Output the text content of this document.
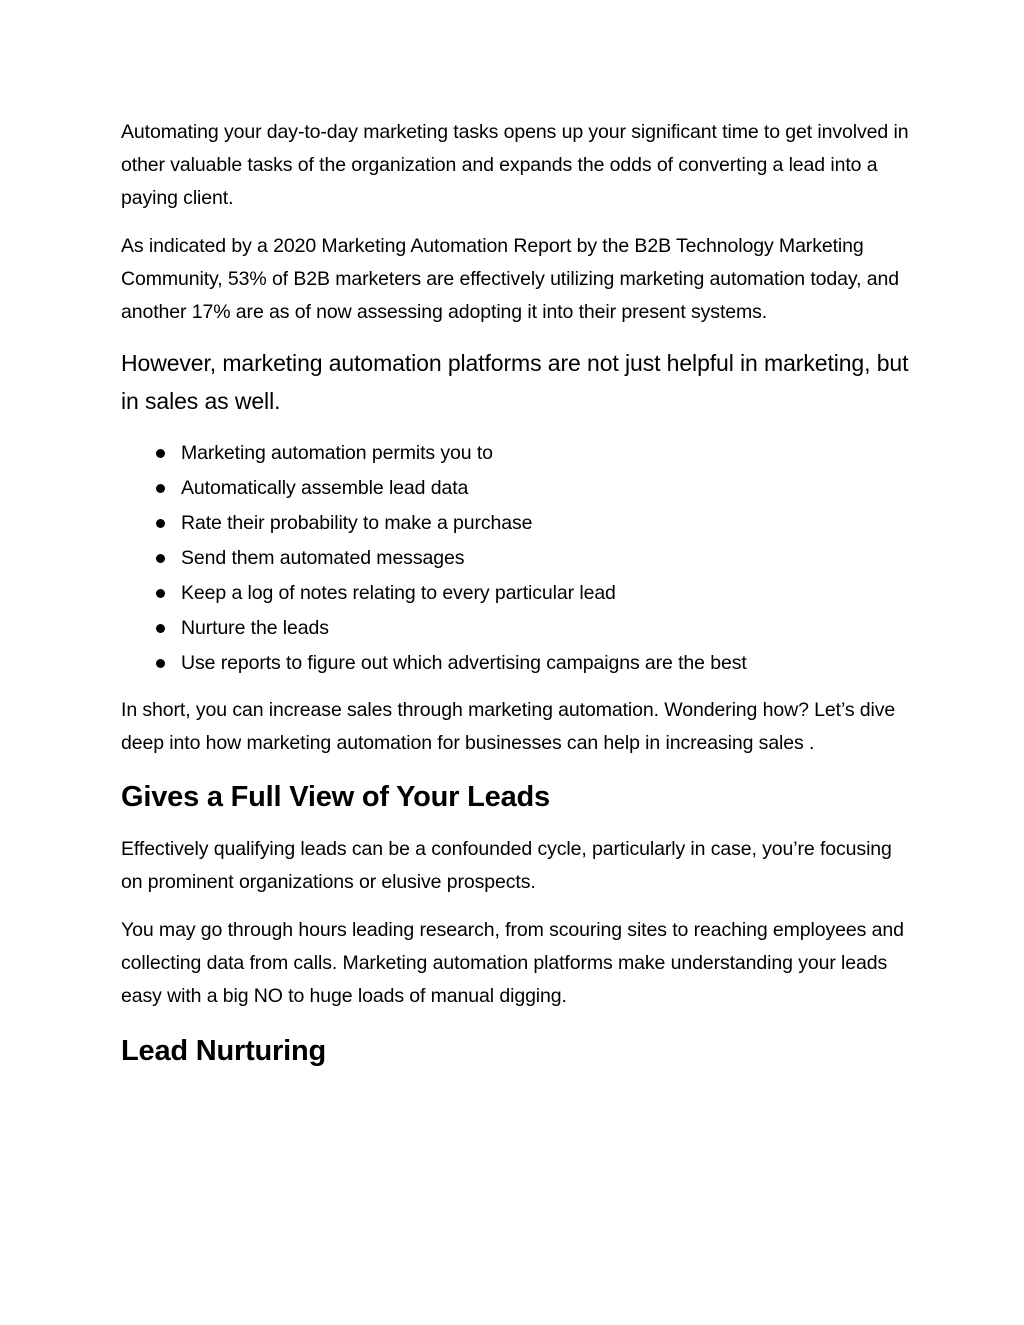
Automating your day-to-day marketing tasks opens up your significant time to get involved in other valuable tasks of the organization and expands the odds of converting a lead into a paying client.

As indicated by a 2020 Marketing Automation Report by the B2B Technology Marketing Community, 53% of B2B marketers are effectively utilizing marketing automation today, and another 17% are as of now assessing adopting it into their present systems.

However, marketing automation platforms are not just helpful in marketing, but in sales as well.

Marketing automation permits you to
Automatically assemble lead data
Rate their probability to make a purchase
Send them automated messages
Keep a log of notes relating to every particular lead
Nurture the leads
Use reports to figure out which advertising campaigns are the best

In short, you can increase sales through marketing automation. Wondering how? Let’s dive deep into how marketing automation for businesses can help in increasing sales .

Gives a Full View of Your Leads

Effectively qualifying leads can be a confounded cycle, particularly in case, you’re focusing on prominent organizations or elusive prospects.

You may go through hours leading research, from scouring sites to reaching employees and collecting data from calls. Marketing automation platforms make understanding your leads easy with a big NO to huge loads of manual digging.

Lead Nurturing
